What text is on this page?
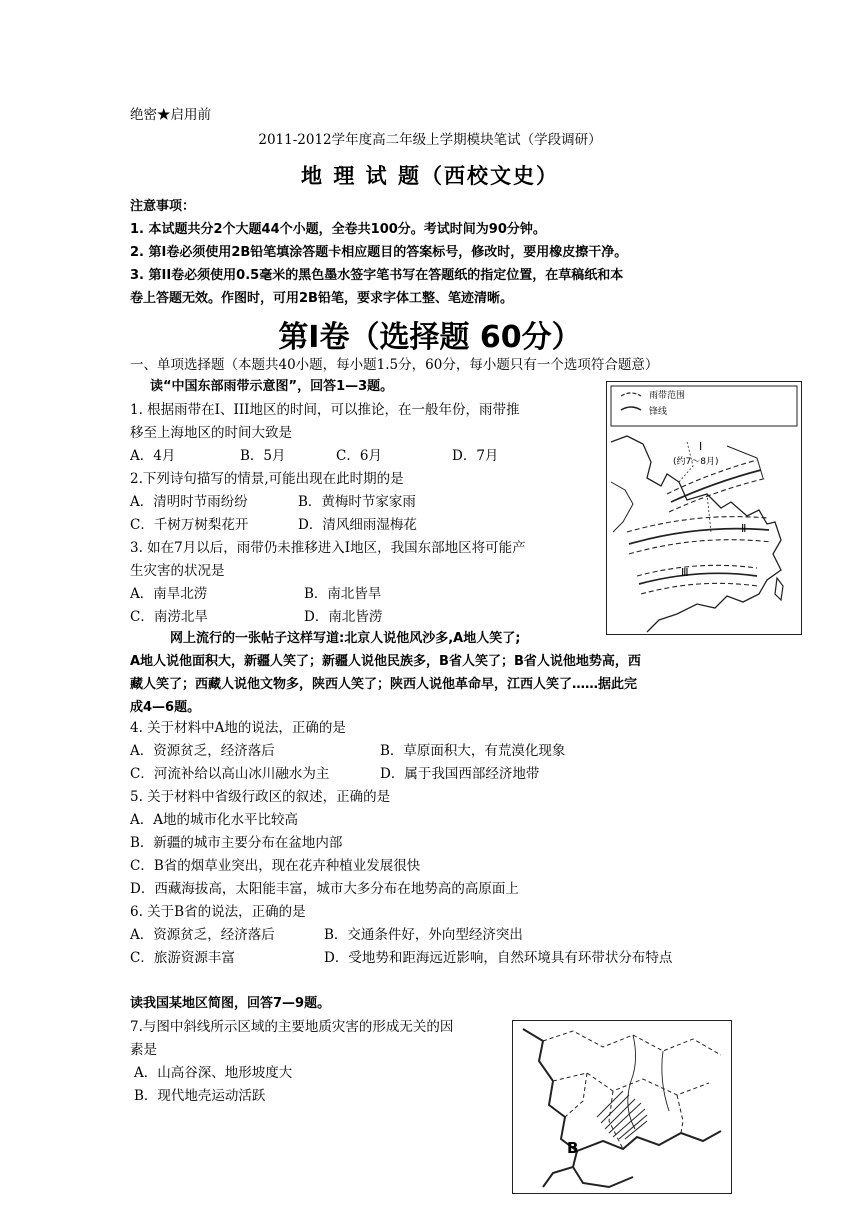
绝密★启用前
2011-2012学年度高二年级上学期模块笔试（学段调研）
地 理 试 题（西校文史）
注意事项：
1. 本试题共分2个大题44个小题，全卷共100分。考试时间为90分钟。
2. 第Ⅰ卷必须使用2B铅笔填涂答题卡相应题目的答案标号，修改时，要用橡皮擦干净。
3. 第II卷必须使用0.5毫米的黑色墨水签字笔书写在答题纸的指定位置，在草稿纸和本
卷上答题无效。作图时，可用2B铅笔，要求字体工整、笔迹清晰。
第Ⅰ卷（选择题 60分）
一、单项选择题（本题共40小题，每小题1.5分，60分，每小题只有一个选项符合题意）
读“中国东部雨带示意图”，回答1—3题。
1. 根据雨带在Ⅰ、III地区的时间，可以推论，在一般年份，雨带推
移至上海地区的时间大致是
A．4月	B．5月	C．6月	D．7月
2.下列诗句描写的情景,可能出现在此时期的是
A．清明时节雨纷纷	B．黄梅时节家家雨
C．千树万树梨花开	D．清风细雨湿梅花
3. 如在7月以后，雨带仍未推移进入Ⅰ地区，我国东部地区将可能产
生灾害的状况是
A．南旱北涝	B．南北皆旱
C．南涝北旱	D．南北皆涝
雨带范围
锋线
Ⅰ
(约7～8月)
Ⅱ
Ⅲ
网上流行的一张帖子这样写道:北京人说他风沙多,A地人笑了;
A地人说他面积大，新疆人笑了；新疆人说他民族多，B省人笑了；B省人说他地势高，西
藏人笑了；西藏人说他文物多，陕西人笑了；陕西人说他革命早，江西人笑了……据此完
成4—6题。
4. 关于材料中A地的说法，正确的是
A．资源贫乏，经济落后	B．草原面积大，有荒漠化现象
C．河流补给以高山冰川融水为主	D．属于我国西部经济地带
5. 关于材料中省级行政区的叙述，正确的是
A．A地的城市化水平比较高
B．新疆的城市主要分布在盆地内部
C．B省的烟草业突出，现在花卉种植业发展很快
D．西藏海拔高，太阳能丰富，城市大多分布在地势高的高原面上
6. 关于B省的说法，正确的是
A．资源贫乏，经济落后	B．交通条件好，外向型经济突出
C．旅游资源丰富	D．受地势和距海远近影响，自然环境具有环带状分布特点
读我国某地区简图，回答7—9题。
7.与图中斜线所示区域的主要地质灾害的形成无关的因
素是
A．山高谷深、地形坡度大
B．现代地壳运动活跃
B
